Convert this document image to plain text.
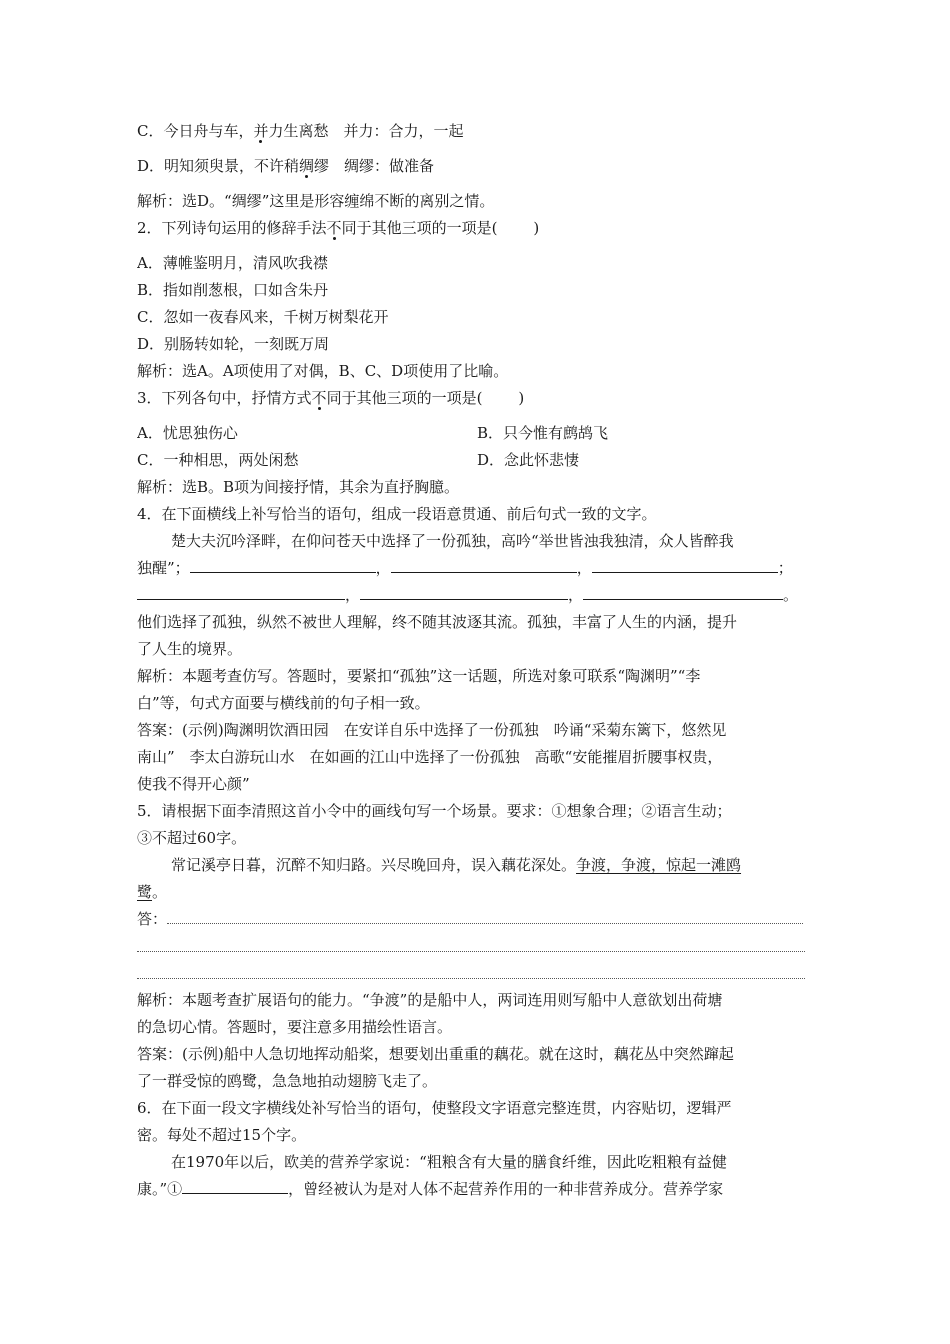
C．今日舟与车，并力生离愁　并力：合力，一起
D．明知须臾景，不许稍绸缪　绸缪：做准备
解析：选D。“绸缪”这里是形容缠绵不断的离别之情。
2．下列诗句运用的修辞手法不同于其他三项的一项是( )
A．薄帷鉴明月，清风吹我襟
B．指如削葱根，口如含朱丹
C．忽如一夜春风来，千树万树梨花开
D．别肠转如轮，一刻既万周
解析：选A。A项使用了对偶，B、C、D项使用了比喻。
3．下列各句中，抒情方式不同于其他三项的一项是( )
A．忧思独伤心	B．只今惟有鹧鸪飞
C．一种相思，两处闲愁	D．念此怀悲悽
解析：选B。B项为间接抒情，其余为直抒胸臆。
4．在下面横线上补写恰当的语句，组成一段语意贯通、前后句式一致的文字。
楚大夫沉吟泽畔，在仰问苍天中选择了一份孤独，高吟“举世皆浊我独清，众人皆醉我
独醒”；	，	，	；
，	，	。
他们选择了孤独，纵然不被世人理解，终不随其波逐其流。孤独，丰富了人生的内涵，提升
了人生的境界。
解析：本题考查仿写。答题时，要紧扣“孤独”这一话题，所选对象可联系“陶渊明”“李
白”等，句式方面要与横线前的句子相一致。
答案：(示例)陶渊明饮酒田园　在安详自乐中选择了一份孤独　吟诵“采菊东篱下，悠然见
南山”　李太白游玩山水　在如画的江山中选择了一份孤独　高歌“安能摧眉折腰事权贵，
使我不得开心颜”
5．请根据下面李清照这首小令中的画线句写一个场景。要求：①想象合理；②语言生动；
③不超过60字。
常记溪亭日暮，沉醉不知归路。兴尽晚回舟，误入藕花深处。争渡，争渡，惊起一滩鸥
鹭。
答：
解析：本题考查扩展语句的能力。“争渡”的是船中人，两词连用则写船中人意欲划出荷塘
的急切心情。答题时，要注意多用描绘性语言。
答案：(示例)船中人急切地挥动船桨，想要划出重重的藕花。就在这时，藕花丛中突然蹿起
了一群受惊的鸥鹭，急急地拍动翅膀飞走了。
6．在下面一段文字横线处补写恰当的语句，使整段文字语意完整连贯，内容贴切，逻辑严
密。每处不超过15个字。
在1970年以后，欧美的营养学家说：“粗粮含有大量的膳食纤维，因此吃粗粮有益健
康。”①	，曾经被认为是对人体不起营养作用的一种非营养成分。营养学家
